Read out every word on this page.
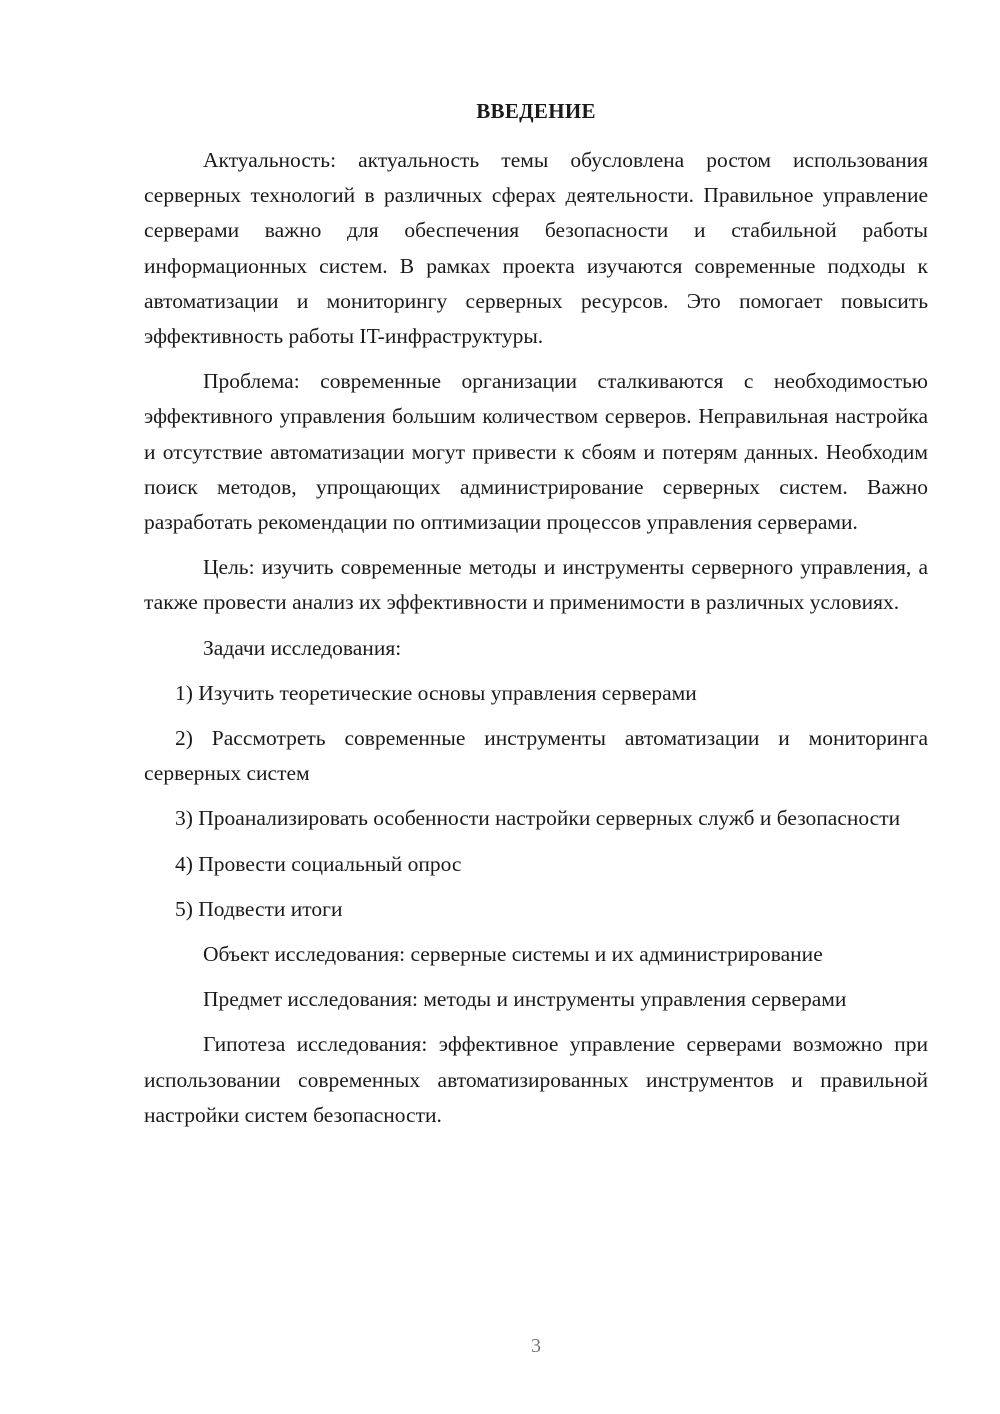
ВВЕДЕНИЕ

Актуальность: актуальность темы обусловлена ростом использования серверных технологий в различных сферах деятельности. Правильное управление серверами важно для обеспечения безопасности и стабильной работы информационных систем. В рамках проекта изучаются современные подходы к автоматизации и мониторингу серверных ресурсов. Это помогает повысить эффективность работы IT-инфраструктуры.

Проблема: современные организации сталкиваются с необходимостью эффективного управления большим количеством серверов. Неправильная настройка и отсутствие автоматизации могут привести к сбоям и потерям данных. Необходим поиск методов, упрощающих администрирование серверных систем. Важно разработать рекомендации по оптимизации процессов управления серверами.

Цель: изучить современные методы и инструменты серверного управления, а также провести анализ их эффективности и применимости в различных условиях.

Задачи исследования:

1) Изучить теоретические основы управления серверами

2) Рассмотреть современные инструменты автоматизации и мониторинга серверных систем

3) Проанализировать особенности настройки серверных служб и безопасности

4) Провести социальный опрос

5) Подвести итоги

Объект исследования: серверные системы и их администрирование

Предмет исследования: методы и инструменты управления серверами

Гипотеза исследования: эффективное управление серверами возможно при использовании современных автоматизированных инструментов и правильной настройки систем безопасности.

3
